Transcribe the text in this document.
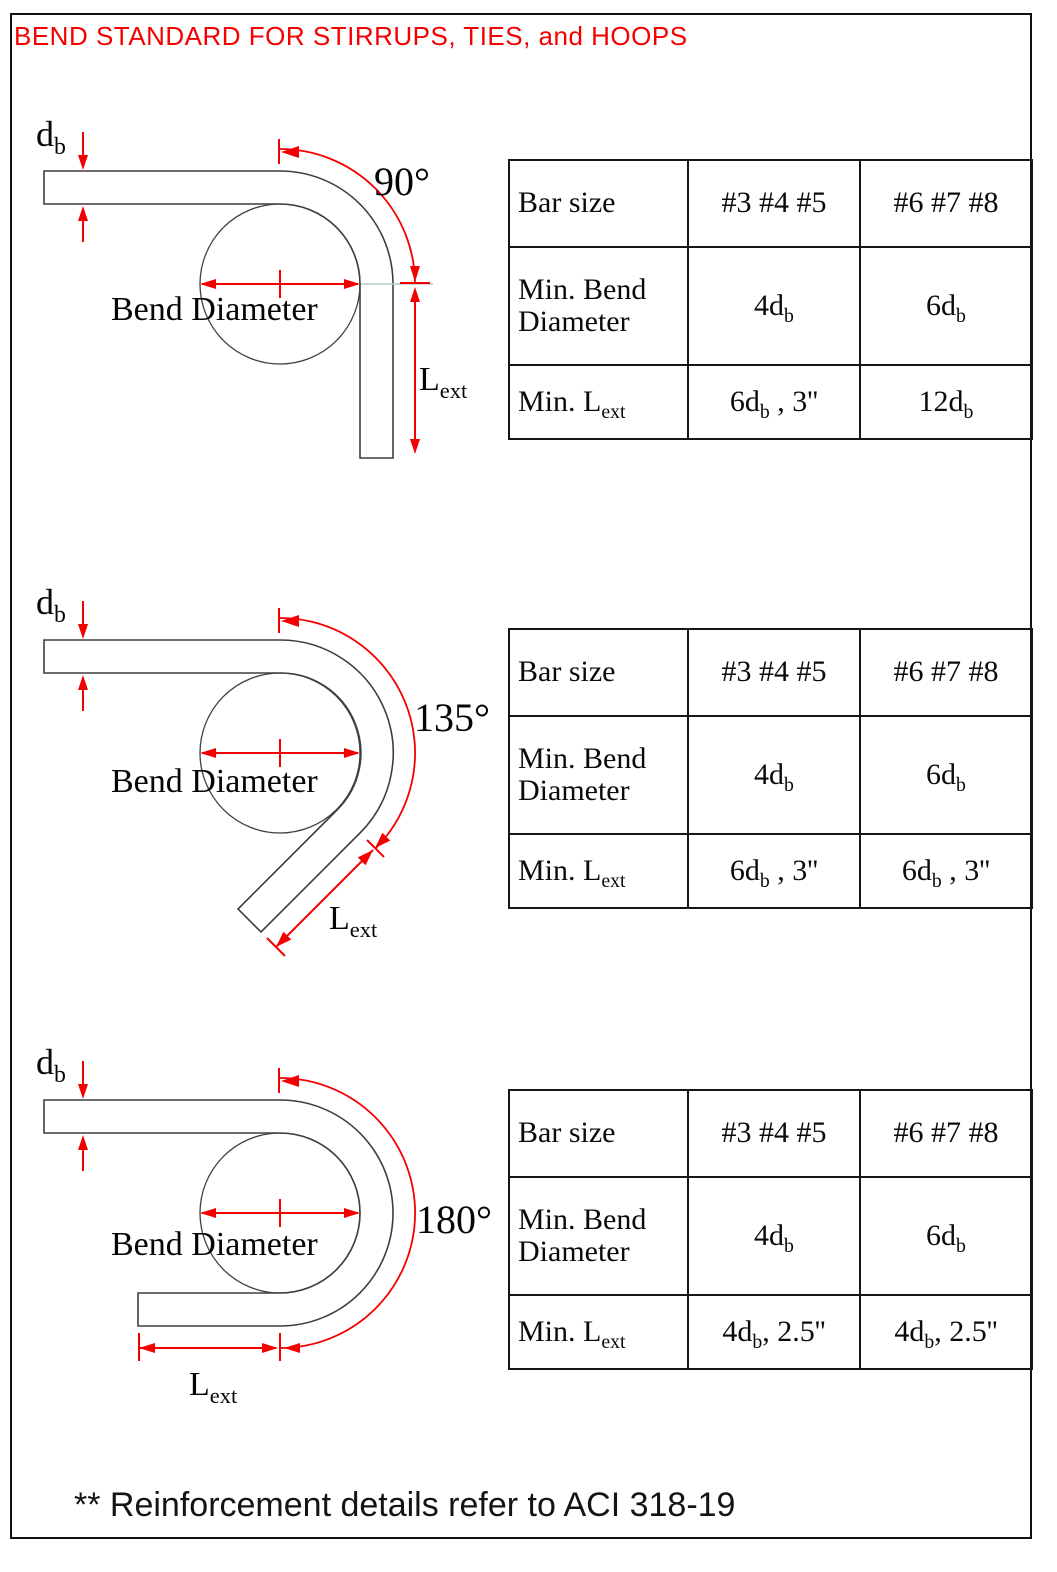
BEND STANDARD FOR STIRRUPS, TIES, and HOOPS
$d_b$
90°
Bend Diameter
$L_{ext}$
$d_b$
135°
Bend Diameter
$L_{ext}$
$d_b$
180°
Bend Diameter
$L_{ext}$
Bar size	#3 #4 #5	#6 #7 #8
Min. Bend Diameter	$4d_b$	$6d_b$
Min. $L_{ext}$	$6d_b$ , 3''	$12d_b$
Bar size	#3 #4 #5	#6 #7 #8
Min. Bend Diameter	$4d_b$	$6d_b$
Min. $L_{ext}$	$6d_b$ , 3''	$6d_b$ , 3''
Bar size	#3 #4 #5	#6 #7 #8
Min. Bend Diameter	$4d_b$	$6d_b$
Min. $L_{ext}$	$4d_b$, 2.5''	$4d_b$, 2.5''
** Reinforcement details refer to ACI 318-19
